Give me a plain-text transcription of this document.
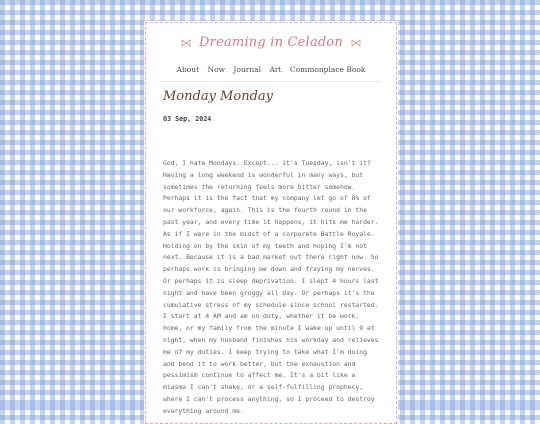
Dreaming in Celadon
About Now Journal Art Commonplace Book
Monday Monday
03 Sep, 2024
God, I hate Mondays. Except... it's Tuesday, isn't it? Having a long weekend is wonderful in many ways, but sometimes the returning feels more bitter somehow. Perhaps it is the fact that my company let go of 8% of our workforce, again. This is the fourth round in the past year, and every time it happens, it hits me harder. As if I were in the midst of a corporate Battle Royale. Holding on by the skin of my teeth and hoping I'm not next. Because it is a bad market out there right now. So perhaps work is bringing me down and fraying my nerves. Or perhaps it is sleep deprivation. I slept 4 hours last night and have been groggy all day. Or perhaps it's the cumulative stress of my schedule since school restarted. I start at 4 AM and am on duty, whether it be work, home, or my family from the minute I wake up until 9 at night, when my husband finishes his workday and relieves me of my duties. I keep trying to take what I'm doing and bend it to work better, but the exhaustion and pessimism continue to affect me. It's a bit like a miasma I can't shake, or a self-fulfilling prophecy, where I can't process anything, so I proceed to destroy everything around me.
